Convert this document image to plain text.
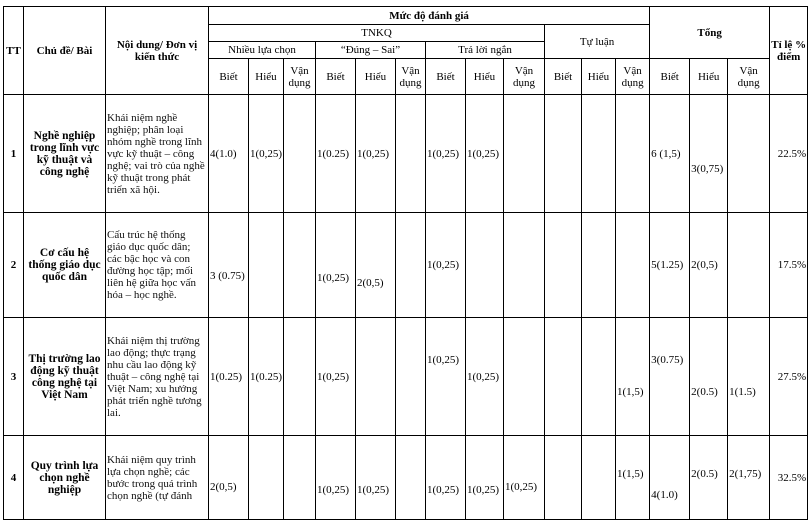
TT	Chủ đề/ Bài	Nội dung/ Đơn vị kiến thức	Mức độ đánh giá												Tổng			Tỉ lệ % điểm
			TNKQ									Tự luận						
			Nhiều lựa chọn			“Đúng – Sai”			Trả lời ngắn									
			Biết	Hiểu	Vận dụng	Biết	Hiểu	Vận dụng	Biết	Hiểu	Vận dụng	Biết	Hiểu	Vận dụng	Biết	Hiểu	Vận dụng	
1	Nghề nghiệp trong lĩnh vực kỹ thuật và công nghệ	Khái niệm nghề nghiệp; phân loại nhóm nghề trong lĩnh vực kỹ thuật – công nghệ; vai trò của nghề kỹ thuật trong phát triển xã hội.	4(1.0)	1(0,25)		1(0.25)	1(0,25)		1(0,25)	1(0,25)					6 (1,5)	3(0,75)		22.5%
2	Cơ cấu hệ thống giáo dục quốc dân	Cấu trúc hệ thống giáo dục quốc dân; các bậc học và con đường học tập; mối liên hệ giữa học vấn hóa – học nghề.	3 (0.75)			1(0,25)	2(0,5)		1(0,25)						5(1.25)	2(0,5)		17.5%
3	Thị trường lao động kỹ thuật công nghệ tại Việt Nam	Khái niệm thị trường lao động; thực trạng nhu cầu lao động kỹ thuật – công nghệ tại Việt Nam; xu hướng phát triển nghề tương lai.	1(0.25)	1(0.25)		1(0,25)			1(0,25)	1(0,25)				1(1,5)	3(0.75)	2(0.5)	1(1.5)	27.5%
4	Quy trình lựa chọn nghề nghiệp	Khái niệm quy trình lựa chọn nghề; các bước trong quá trình chọn nghề (tự đánh	2(0,5)			1(0,25)	1(0,25)		1(0,25)	1(0,25)	1(0,25)			1(1,5)	4(1.0)	2(0.5)	2(1,75)	32.5%
